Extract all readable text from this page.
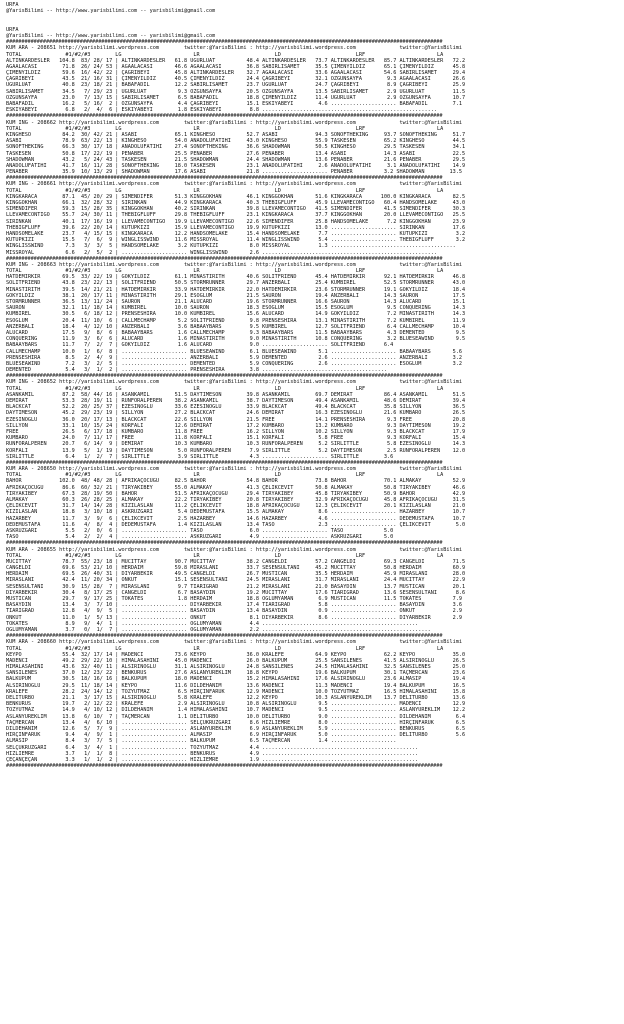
URFA
@YarisBilimi -- http://www.yarisbilimi.com -- yarisbilimi@gmail.com
URFA
@YarisBilimi -- http://www.yarisbilimi.com -- yarisbilimi@gmail.com
##############################################################################################################################################
KUM ARA - 208651 http://yarisbilimi.wordpress.com        twitter:@YarisBilimi : http://yarisbilimi.wordpress.com              twitter:@YarisBilimi
TOTAL              #1/#2/#3        LG                       LR                        LD                        LRF                       LA
ALTINKARDESLER   104.8  83/ 28/ 17 | ALTINKARDESLER   61.8 UGURLUAT          48.4 ALTINKARDESLER   73.7 ALTINKARDESLER   85.7 ALTINKARDESLER   72.2
AGAALACASI        71.8  26/ 24/ 53 | AGAALACASI       46.6 AGAALACASI        36.8 SABIRLISAMET     35.5 ÇIMENYILDIZ      65.1 ÇIMENYILDIZ      45.8
ÇIMENYILDIZ       59.6  16/ 42/ 22 | ÇAGRIBEYI        45.8 ALTINKARDESLER    32.7 AGAALACASI       33.6 AGAALACASI       54.6 SABIRLISAMET     29.4
ÇAGRIBEYI         43.5  21/ 16/ 31 | ÇIMENYILDIZ      40.5 ÇIMENYILDIZ       24.4 ÇAGRIBEYI        32.1 ÖZGÜNSAYFA        9.3 AGAALACASI       26.6
UGURLUAT          40.8  23/ 18/ 21 | BABAFADIL        12.2 SABIRLISAMET      23.7 UGURLUAT         24.7 ÇAGRIBEYI         8.9 ÇAGRIBEYI        25.9
SABIRLISAMET      34.5   7/ 29/ 23 | UGURLUAT          9.3 ÖZGÜNSAYFA        20.5 ÖZGÜNSAYFA       13.5 SABIRLISAMET      2.9 UGURLUAT         11.5
ÖZGÜNSAYFA        23.0   7/ 13/ 15 | SABIRLISAMET      6.5 BABAFADIL         18.8 ÇIMENYILDIZ      11.4 UGURLUAT          2.9 ÖZGÜNSAYFA       10.7
BABAFADIL         16.2   5/ 16/  2 | ÖZGÜNSAYFA        4.4 ÇAGRIBEYI         15.1 ESKIYABEYI        4.6 ..................... BABAFADIL        7.1
ESKIYABEYI         6.8   2/  4/  6 | ESKIYABEYI        1.8 ESKIYABEYI         8.8 ........................................................
##############################################################################################################################################
KUM ING - 208662 http://yarisbilimi.wordpress.com        twitter:@YarisBilimi : http://yarisbilimi.wordpress.com              twitter:@YarisBilimi
TOTAL              #1/#2/#3        LG                       LR                        LD                        LRF                       LA
KINGHESO          84.2  30/ 42/ 21 | ASABI            65.1 KINGHESO          52.7 ASABI            94.3 SONOFTHEKING     93.7 SONOFTHEKING     51.7
ASABI             78.9  63/ 22/ 13 | KINGHESO         54.0 ANADOLUFATIHI     43.0 KINGHESO         55.9 TASKESEN         65.2 KINGHESO         44.5
SONOFTHEKING      66.3  30/ 17/ 18 | ANADOLUFATIHI    27.4 SONOFTHEKING      36.6 SHADOWMAN        50.5 KINGHESO         29.5 TASKESEN         34.1
TASKESEN          50.8  17/ 22/ 19 | PENABER          25.5 PENABER           27.6 PENABER          13.4 ASABI            14.3 ASABI            22.5
SHADOWMAN         43.2   5/ 24/ 43 | TASKESEN         21.5 SHADOWMAN         24.4 SHADOWMAN        13.6 PENABER          21.6 PENABER          29.5
ANADOLUFATIHI     41.7  16/ 11/ 28 | SONOFTHEKING     18.0 TASKESEN          23.1 ANADOLUFATIHI     2.6 ANADOLUFATIHI     3.1 ANADOLUFATIHI    14.9
PENABER           35.9  10/ 13/ 29 | SHADOWMAN        17.6 ASABI             21.8 ..................... PENABER          3.2 SHADOWMAN        13.5
##############################################################################################################################################
KUM ING - 208661 http://yarisbilimi.wordpress.com        twitter:@YarisBilimi : http://yarisbilimi.wordpress.com              twitter:@YarisBilimi
TOTAL              #1/#2/#3        LG                       LR                        LD                        LRF                       LA
KINGKARACA        87.1  45/ 20/ 29 | SIMENDIFER       51.3 KINGGÖKHAN        46.1 KINGGÖKHAN       51.6 KINGKARACA      100.0 KINGKARACA       82.5
KINGGÖKHAN        66.1  32/ 28/ 32 | SIRINKAN         44.9 KINGKARACA        40.3 THEBIGFLUFF      45.9 LLEVAMECONTIGO   60.4 HANDSOMELAKE     43.0
SIMENDIFER        59.3  15/ 28/ 35 | KINGGÖKHAN       40.2 SIRINKAN          39.8 LLEVAMECONTIGO   41.5 SIMENDIFER       41.5 SIMENDIFER       30.3
LLEVAMECONTIGO    55.7  24/ 30/ 11 | THEBIGFLUFF      29.8 THEBIGFLUFF       23.1 KINGKARACA       37.7 KINGGÖKHAN       20.0 LLEVAMECONTIGO   25.5
SIRINKAN          40.1  17/ 16/ 19 | LLEVAMECONTIGO   19.9 LLEVAMECONTIGO    22.6 SIMENDIFER       25.8 HANDSOMELAKE      7.2 KINGGÖKHAN       23.9
THEBIGFLUFF       39.6  22/ 20/ 14 | KUTUPKIZI        15.9 LLEVAMECONTIGO    19.9 KUTUPKIZI        13.0 ..................... SIRINKAN         17.6
HANDSOMELAKE      23.7   4/ 15/ 15 | KINGKARACA       12.2 HANDSOMELAKE      15.4 HANDSOMELAKE      7.7 ..................... KUTUPKIZI         3.2
KUTUPKIZI         15.5   7/  6/  9 | WINGLISSWIND     11.6 MISSROYAL         11.4 WINGLISSWIND      5.4 ..................... THEBIGFLUFF       3.2
WINGLISSWIND       7.3   3/  3/  5 | HANDSOMELAKE      3.2 KUTUPKIZI          8.0 MISSROYAL         1.3 ........................................
MISSROYAL          6.6   2/  5/  2 | ..................... WINGLISSWIND       2.6 ........................................................
##############################################################################################################################################
KUM ING - 208663 http://yarisbilimi.wordpress.com        twitter:@YarisBilimi : http://yarisbilimi.wordpress.com              twitter:@YarisBilimi
TOTAL              #1/#2/#3        LG                       LR                        LD                        LRF                       LA
HATDEMIRKIR       69.5  33/ 22/ 19 | GÖKYILDIZ        61.1 MINASTIRITH       40.6 SOLITFRIEND      45.4 HATDEMIRKIR      92.1 HATDEMIRKIR      46.8
SOLITFRIEND       43.8  23/ 22/ 13 | SOLITFRIEND      50.5 STORMRUNNER       29.7 ANZERBALI        25.4 KUMBIREL         52.5 STORMRUNNER      43.0
MINASTIRITH       39.5  14/ 21/ 21 | HATDEMIRKIR      33.9 HATDEMIRKIR       22.0 HATDEMIRKIR      23.6 STORMRUNNER      19.1 GÖKYILDIZ        18.4
GÖKYILDIZ         38.1  20/ 17/ 11 | MINASTIRITH      29.1 ESOGLUM           21.5 SAURON           19.4 ANZERBALI        14.3 SAURON           17.5
STORMRUNNER       36.5  13/ 11/ 24 | SAURON           21.1 ALUCARD           19.6 STORMRUNNER      16.6 SAURON           14.3 ALUCARD          15.1
SAURON            32.1  11/ 18/ 14 | KUMBIREL         10.0 SAURON            18.3 ESOGLUM          15.5 ESOGLUM           9.5 CONQUERING       14.3
KUMBIREL          30.5   6/ 18/ 12 | PRENSESHIRA      10.0 KUMBIREL          15.6 ALUCARD          14.9 GÖKYILDIZ         7.2 MINASTIRITH      14.3
ESOGLUM           20.4  11/ 10/  6 | CALLMECHAMP       5.2 SOLITFRIEND        9.8 PRENSESHIRA      13.1 MINASTIRITH       7.2 KUMBIREL         11.9
ANZERBALI         18.4   4/ 12/ 10 | ANZERBALI         3.6 BABAAYBARS         9.5 KUMBIREL         12.7 SOLITFRIEND       6.4 CALLMECHAMP      10.4
ALUCARD           17.5   9/  8/  6 | BABAAYBARS        1.6 CALLMECHAMP        9.3 BABAAYBARS       11.5 BABAAYBARS        4.3 DEMENTED          9.5
CONQUERING        11.9   3/  6/  6 | ALUCARD           1.6 MINASTIRITH        9.0 MINASTIRITH      10.8 CONQUERING        3.2 BLUESEAWIND       9.5
BABAAYBARS        11.7   7/  2/  7 | GÖKYILDIZ         1.6 ALUCARD            9.0 ..................... SOLITFRIEND      6.4
CALLMECHAMP       10.0   1/  6/  8 | ..................... BLUESEAWIND        6.1 BLUESEAWIND       5.1 ..................... BABAAYBARS       5.6
PRENSESHIRA        8.5   2/  4/  9 | ..................... ANZERBALI          5.9 DEMENTED          2.6 ..................... ANZERBALI        3.2
BLUESEAWIND        7.2   3/  2/  5 | ..................... DEMENTED           5.9 CONQUERING        2.6 ..................... ESOGLUM          3.2
DEMENTED           5.4   3/  1/  2 | ..................... PRENSESHIRA        3.8 ........................................
##############################################################################################################################################
KUM ING - 208652 http://yarisbilimi.wordpress.com        twitter:@YarisBilimi : http://yarisbilimi.wordpress.com              twitter:@YarisBilimi
TOTAL              #1/#2/#3        LG                       LR                        LD                        LRF                       LA
ASANKAMIL         87.2  58/ 44/ 16 | ASANKAMIL        51.5 DAYTIMESON        39.8 ASANKAMIL        69.7 DEMIRAT          86.4 ASANKAMIL        51.5
DEMIRAT           53.3  28/ 19/ 11 | RUNFORALPEREN    38.2 ASANKAMIL         38.7 DAYTIMESON       49.4 ASANKAMIL        48.6 DEMIRAT          39.4
BLACKCAT          52.2  20/ 25/ 37 | EZESINOGLU       33.6 EZESINOGLU        33.9 BLACKCAT         49.4 BLACKCAT         35.8 SILLYON          36.5
DAYTIMESON        45.2  29/ 23/ 19 | SILLYON          27.2 BLACKCAT          24.6 DEMIRAT          16.3 EZESINOGLU       21.6 KUMBARO          26.5
EZESINOGLU        36.0  20/ 17/ 13 | BLACKCAT         22.6 SILLYON           21.5 FREE             14.1 PRENSESHIRA       9.3 FREE             20.8
SILLYON           33.1  10/ 15/ 24 | KORFALI          12.6 DEMIRAT           17.2 KUMBARO          13.2 KUMBARO           9.3 DAYTIMESON       19.2
FREE              26.5   6/ 17/ 18 | KUMBARO          11.8 FREE              16.2 SILLYON          10.2 SILLYON           9.3 BLACKCAT         17.9
KUMBARO           24.0   7/ 11/ 17 | FREE             11.8 KORFALI           15.1 KORFALI           5.8 FREE              9.3 KORFALI          15.4
RUNFORALPEREN     20.7   6/ 14/  9 | DEMIRAT          10.3 KUMBARO           10.3 RUNFORALPEREN     5.2 SIRLITTLE         5.8 EZESINOGLU       14.3
KORFALI           13.9   5/  1/ 19 | DAYTIMESON        5.0 RUNFORALPEREN      7.9 SIRLITTLE         5.2 DAYTIMESON        2.5 RUNFORALPEREN    12.0
SIRLITTLE          6.4   1/  2/  7 | SIRLITTLE         3.9 SIRLITTLE          4.3 ..................... SIRLITTLE        3.6
##############################################################################################################################################
KUM ARA - 208650 http://yarisbilimi.wordpress.com        twitter:@YarisBilimi : http://yarisbilimi.wordpress.com              twitter:@YarisBilimi
TOTAL              #1/#2/#3        LG                       LR                        LD                        LRF                       LA
BAHOR            102.0  48/ 48/ 28 | AFRIKAÇOCUGU     82.5 BAHOR             54.8 BAHOR            73.8 BAHOR            70.1 ALMAKAY          52.9
AFRIKAÇOCUGU      86.6  60/ 32/ 21 | TIRYAKIBEY       55.0 ALMAKAY           41.3 ÇELIKCEVIT       50.8 ALMAKAY          50.8 TIRYAKIBEY       46.6
TIRYAKIBEY        67.3  28/ 19/ 50 | BAHOR            51.5 AFRIKAÇOCUGU      29.4 TIRYAKIBEY       45.8 TIRYAKIBEY       50.9 BAHOR            42.9
ALMAKAY           60.3  26/ 28/ 25 | ALMAKAY          22.2 TIRYAKIBEY        20.8 TIRYAKIBEY       32.9 AFRIKAÇOCUGU     45.8 AFRIKAÇOCUGU     31.5
ÇELIKCEVIT        31.7  14/ 14/ 28 | KIZILASLAN       11.2 ÇELIKCEVIT        18.8 AFRIKAÇOCUGU     12.3 ÇELIKCEVIT       20.1 KIZILASLAN       21.0
KIZILASLAN        18.8   3/ 10/ 18 | ASKRUZGARI        5.4 DEDEMUSTAFA       15.5 ALMAKAY           8.6 ..................... HAZARBEY         10.7
HAZARBEY          11.7   3/  9/  6 | ÇELIKCEVIT        2.5 HAZARBEY          14.6 HAZARBEY          4.6 ..................... DEDEMUSTAFA      10.7
DEDEMUSTAFA       11.6   4/  8/  4 | DEDEMUSTAFA       1.4 KIZILASLAN        13.4 TASO              2.3 ..................... ÇELIKCEVIT        5.0
ASKRUZGARI         5.5   2/  0/  6 | ..................... TASO               6.0 ..................... TASO             5.0
TASO               5.4   2/  2/  4 | ..................... ASKRUZGARI         4.9 ..................... ASKRUZGARI       5.0
##############################################################################################################################################
KUM ARA - 208655 http://yarisbilimi.wordpress.com        twitter:@YarisBilimi : http://yarisbilimi.wordpress.com              twitter:@YarisBilimi
TOTAL              #1/#2/#3        LG                       LR                        LD                        LRF                       LA
MUCITTAY          78.7  55/ 23/ 18 | MUCITTAY         90.7 MUCITTAY          38.2 CANGELDI         57.2 CANGELDI         69.3 CANGELDI         71.5
CANGELDI          69.6  53/ 21/ 10 | HERDAIM          59.8 MIRASLANI         33.7 SESENSULTANI     45.2 MUCITTAY         50.8 HERDAIM          60.9
HERDAIM           69.5  26/ 40/ 31 | DIYARBEKIR       49.5 CANGELDI          26.7 MUSTICAN         35.5 HERDAIM          45.9 MIRASLANI        28.0
MIRASLANI         42.4  11/ 20/ 34 | ONKUT            15.1 SESENSULTANI      24.5 MIRASLANI        31.7 MIRASLANI        24.4 MUCITTAY         22.9
SESENSULTANI      30.9  15/ 28/  7 | MIRASLANI         9.7 TIARIGRAD         21.2 MIRASLANI        21.0 BASAYDIN         13.7 MUSTICAN         20.1
DIYARBEKIR        30.4   8/ 17/ 25 | CANGELDI          6.7 BASAYDIN          19.2 MUCITTAY         17.6 TIARIGRAD        13.6 SESENSULTANI      8.6
MUSTICAN          29.7   9/ 17/ 25 | TOKATES           1.8 HERDAIM           18.8 OGLUMYAMAN        6.9 MUSTICAN         11.5 TOKATES          7.9
BASAYDIN          13.4   3/  7/ 10 | ..................... DIYARBEKIR        17.4 TIARIGRAD         5.8 ..................... BASAYDIN         3.6
TIARIGRAD         12.8   4/  9/  5 | ..................... BASAYDIN          13.4 BASAYDIN          0.9 ..................... ONKUT            2.9
ONKUT             11.0   1/  5/ 13 | ..................... ONKUT              8.1 DIYARBEKIR        8.6 ..................... DIYARBEKIR       2.9
TOKATES            8.9   9/  4/  1 | ..................... OGLUMYAMAN         4.4 ..................................................
OGLUMYAMAN         3.7   0/  1/  7 | ..................... OGLUMYAMAN         2.2 ......................................................
##############################################################################################################################################
KUM ARA - 208660 http://yarisbilimi.wordpress.com        twitter:@YarisBilimi : http://yarisbilimi.wordpress.com              twitter:@YarisBilimi
TOTAL              #1/#2/#3        LG                       LR                        LD                        LRF                       LA
KEYPO             55.4  32/ 17/ 14 | MADENCI          73.6 KEYPO             36.0 KRALEFE          64.9 KEYPO            62.2 KEYPO            35.0
MADENCI           49.2  29/ 22/ 10 | HIMALASAHINI     45.0 MADENCI           26.0 BALKÜPÜM         25.5 SANSILENES       41.5 ALSIRINOGLU      26.5
HIMALASAHINI      43.6  32/ 40/ 11 | ALSIRINOGLU      31.1 ALSIRINOGLU       24.8 SANSILENES       24.5 HIMALASAHINI     32.5 SANSILENES       25.0
SANSILENES        37.0  12/ 23/ 22 | BENKURUS         27.6 ASLANYÜREKLIM     18.8 KEYPO            19.6 BALKÜPÜM         30.1 TAÇMERCAN        23.6
BALKÜPÜM          30.5  18/ 16/ 16 | BALKÜPÜM         18.0 MADENCI           15.2 HIMALASAHINI     17.6 ALSIRINOGLU      23.6 ALMASIP          19.4
ALSIRINOGLU       29.5  11/ 18/ 14 | KEYPO            11.6 DILDEHANIM        13.6 MADENCI          11.3 MADENCI          19.4 BALKÜPÜM         16.5
KRALEFE           28.2  24/ 14/ 12 | TOZYUTMAZ         6.5 HIRÇINFARUK       12.9 MADENCI          10.0 TOZYUTMAZ        16.5 HIMALASAHINI     15.8
DELITURBO         21.1   3/ 17/ 15 | ALSIRINOGLU       5.8 KRALEFE           12.2 KEYPO            10.3 ASLANYÜREKLIM    13.7 DELITURBO        13.6
BENKURUS          19.7   2/ 12/ 22 | KRALEFE           2.9 ALSIRINOGLU       10.8 ALSIRINOGLU       9.5 ..................... MADENCI          12.9
TOZYUTMAZ         14.9   4/ 10/ 12 | DILDEHANIM        1.4 HIMALASAHINI      10.7 MADENCI           9.5 ..................... ASLANYÜREKLIM    12.2
ASLANYÜREKLIM     13.8   6/ 10/  7 | TAÇMERCAN         1.1 DELITURBO         10.0 DELITURBO         9.0 ..................... DILDEHANIM        6.4
TAÇMERCAN         13.4   4/  6/ 10 | ..................... SELÇUKRÜZGARI      8.6 HIZLIEMRE         8.0 ..................... HIRÇINFARUK       6.5
DILDEHANIM        12.6   5/  7/  9 | ..................... ASLANYÜREKLIM      6.9 ASLANYÜREKLIM     5.9 ..................... BENKURUS          6.5
HIRÇINFARUK        9.4   4/  9/  1 | ..................... ALMASIP            6.9 HIRÇINFARUK       5.0 ..................... DELITURBO         5.6
ALMASIP            8.4   3/  7/  5 | ..................... BALKÜPÜM           6.5 TAÇMERCAN         1.4 .....................
SELÇUKRÜZGARI      6.4   3/  4/  1 | ..................... TOZYUTMAZ          4.4 ..................................................
HIZLIEMRE          3.7   1/  1/  8 | ..................... BENKURUS           4.9 ..................................................
ÇEÇANÇEÇAN         3.3   1/  1/  2 | ..................... HIZLIEMRE          1.9 ..................................................
##############################################################################################################################################
